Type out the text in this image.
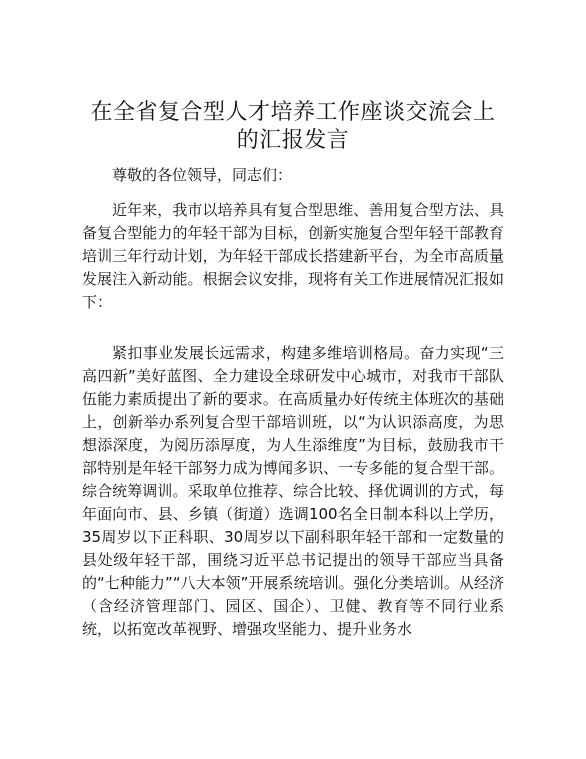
在全省复合型人才培养工作座谈交流会上的汇报发言

尊敬的各位领导，同志们：

近年来，我市以培养具有复合型思维、善用复合型方法、具备复合型能力的年轻干部为目标，创新实施复合型年轻干部教育培训三年行动计划，为年轻干部成长搭建新平台，为全市高质量发展注入新动能。根据会议安排，现将有关工作进展情况汇报如下：

紧扣事业发展长远需求，构建多维培训格局。奋力实现“三高四新”美好蓝图、全力建设全球研发中心城市，对我市干部队伍能力素质提出了新的要求。在高质量办好传统主体班次的基础上，创新举办系列复合型干部培训班，以“为认识添高度，为思想添深度，为阅历添厚度，为人生添维度”为目标，鼓励我市干部特别是年轻干部努力成为博闻多识、一专多能的复合型干部。综合统筹调训。采取单位推荐、综合比较、择优调训的方式，每年面向市、县、乡镇（街道）选调100名全日制本科以上学历，35周岁以下正科职、30周岁以下副科职年轻干部和一定数量的县处级年轻干部，围绕习近平总书记提出的领导干部应当具备的“七种能力”“八大本领”开展系统培训。强化分类培训。从经济（含经济管理部门、园区、国企）、卫健、教育等不同行业系统，以拓宽改革视野、增强攻坚能力、提升业务水
